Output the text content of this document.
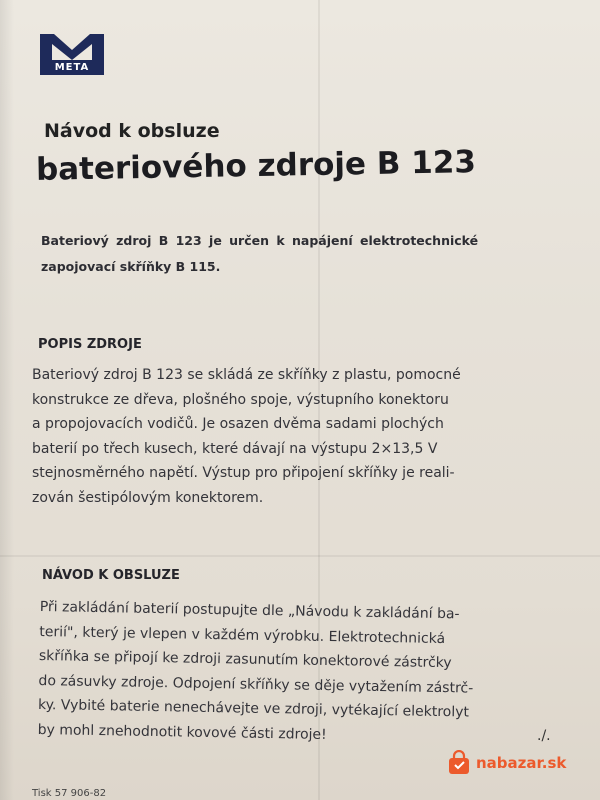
META
Návod k obsluze
bateriového zdroje B 123
Bateriový zdroj B 123 je určen k napájení elektrotechnické
zapojovací skříňky B 115.
POPIS ZDROJE
Bateriový zdroj B 123 se skládá ze skříňky z plastu, pomocné
konstrukce ze dřeva, plošného spoje, výstupního konektoru
a propojovacích vodičů. Je osazen dvěma sadami plochých
baterií po třech kusech, které dávají na výstupu 2×13,5 V
stejnosměrného napětí. Výstup pro připojení skříňky je reali-
zován šestipólovým konektorem.
NÁVOD K OBSLUZE
Při zakládání baterií postupujte dle „Návodu k zakládání ba-
terií", který je vlepen v každém výrobku. Elektrotechnická
skříňka se připojí ke zdroji zasunutím konektorové zástrčky
do zásuvky zdroje. Odpojení skříňky se děje vytažením zástrč-
ky. Vybité baterie nenechávejte ve zdroji, vytékající elektrolyt
by mohl znehodnotit kovové části zdroje!	./.
Tisk 57 906-82
nabazar.sk
